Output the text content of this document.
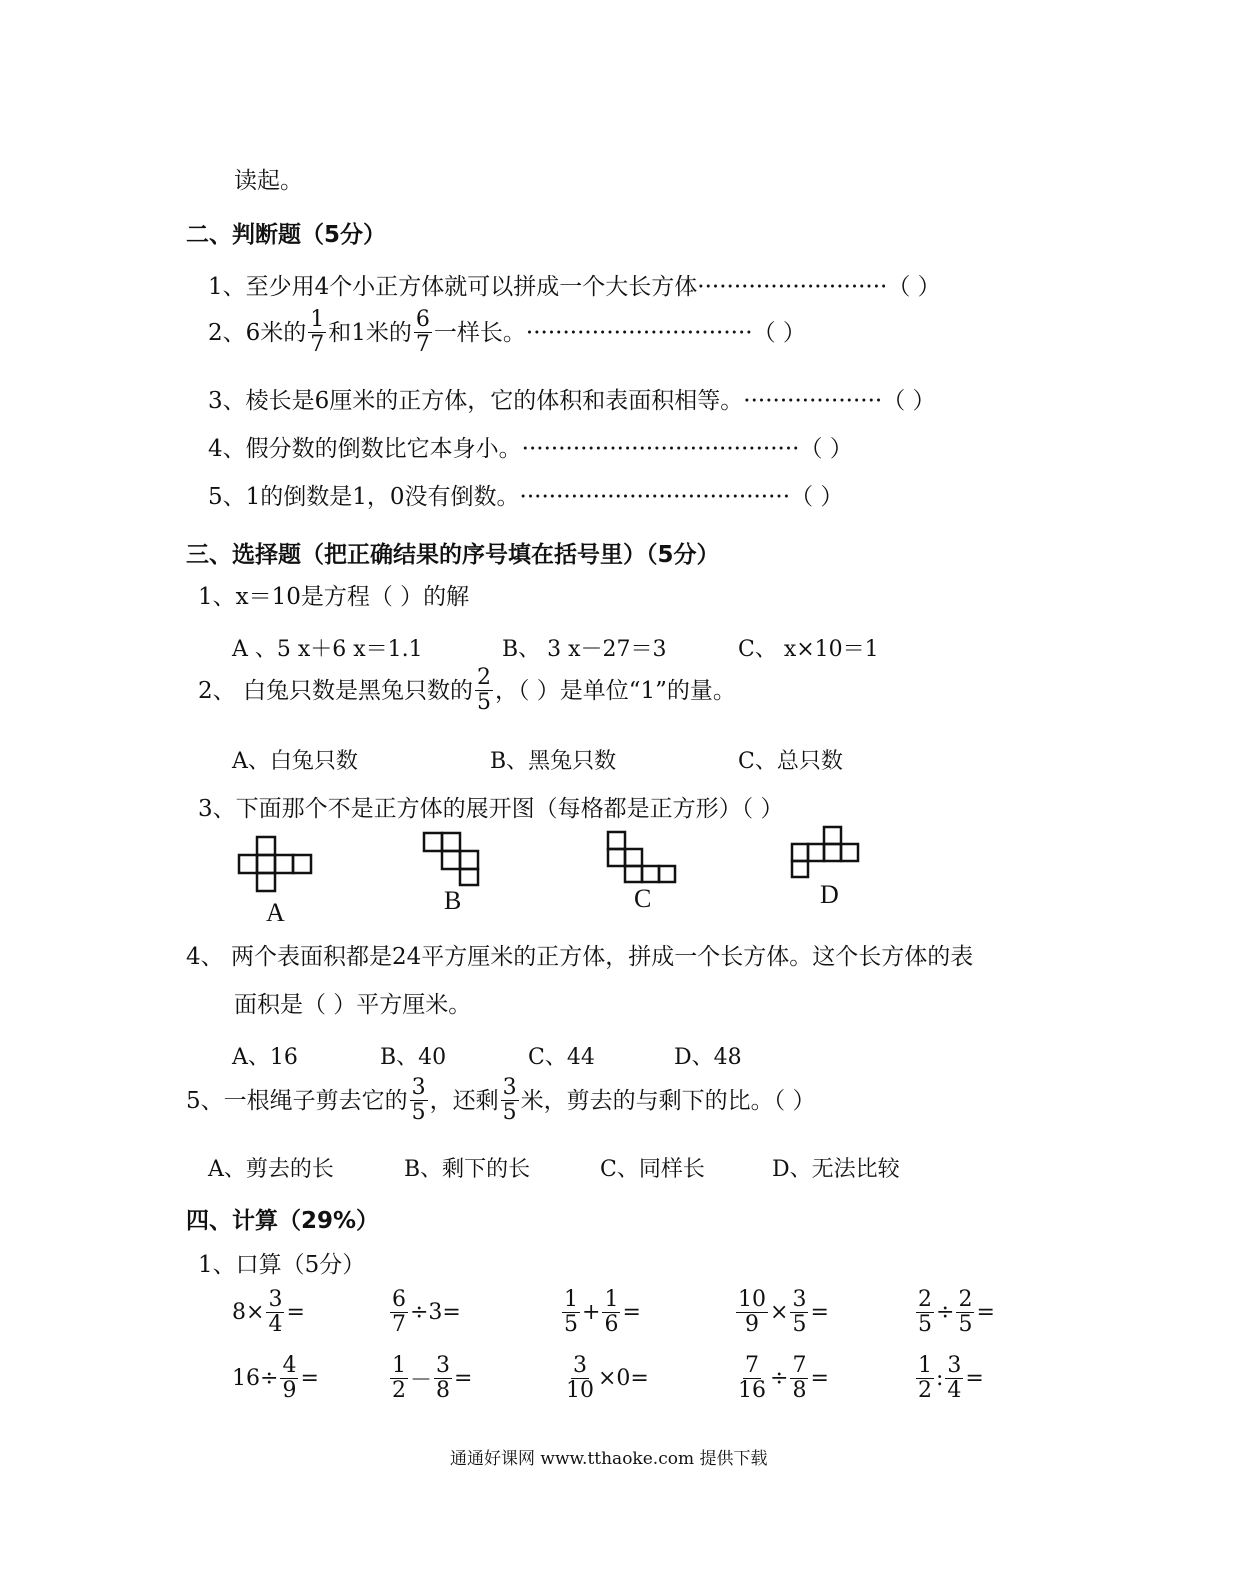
读起。
二、判断题（5分）
1、 至少用4个小正方体就可以拼成一个大长方体 ·························· （ ）
2、 6米的 $\frac{1}{7}$ 和1米的 $\frac{6}{7}$ 一样长。 ······························· （ ）
3、 棱长是6厘米的正方体，它的体积和表面积相等。 ··················· （ ）
4、 假分数的倒数比它本身小。 ······································ （ ）
5、 1的倒数是1，0没有倒数。 ····································· （ ）
三、选择题（把正确结果的序号填在括号里）（5分）
1、x＝10是方程（ ）的解
A 、5 x＋6 x＝1.1	B、 3 x－27＝3	C、 x×10＝1
2、 白兔只数是黑兔只数的 $\frac{2}{5}$ ，（ ）是单位“1”的量。
A、白兔只数	B、黑兔只数	C、总只数
3、下面那个不是正方体的展开图（每格都是正方形）（ ）
A	B	C	D
4、 两个表面积都是24平方厘米的正方体，拼成一个长方体。这个长方体的表
面积是（ ）平方厘米。
A、16	B、40	C、44	D、48
5、一根绳子剪去它的 $\frac{3}{5}$ ，还剩 $\frac{3}{5}$ 米，剪去的与剩下的比。（ ）
A、剪去的长	B、剩下的长	C、同样长	D、无法比较
四、计算（29%）
1、口算（5分）
$8\times \frac{3}{4}$ =	$\frac{6}{7} \div 3=$	$\frac{1}{5} + \frac{1}{6}$ =	$\frac{10}{9} \times \frac{3}{5}$ =	$\frac{2}{5} \div \frac{2}{5}$ =
$16\div \frac{4}{9}$ =	$\frac{1}{2} - \frac{3}{8}$ =	$\frac{3}{10} \times 0=$	$\frac{7}{16} \div \frac{7}{8}$ =	$\frac{1}{2}$ : $\frac{3}{4}$ =
通通好课网 www.tthaoke.com 提供下载
